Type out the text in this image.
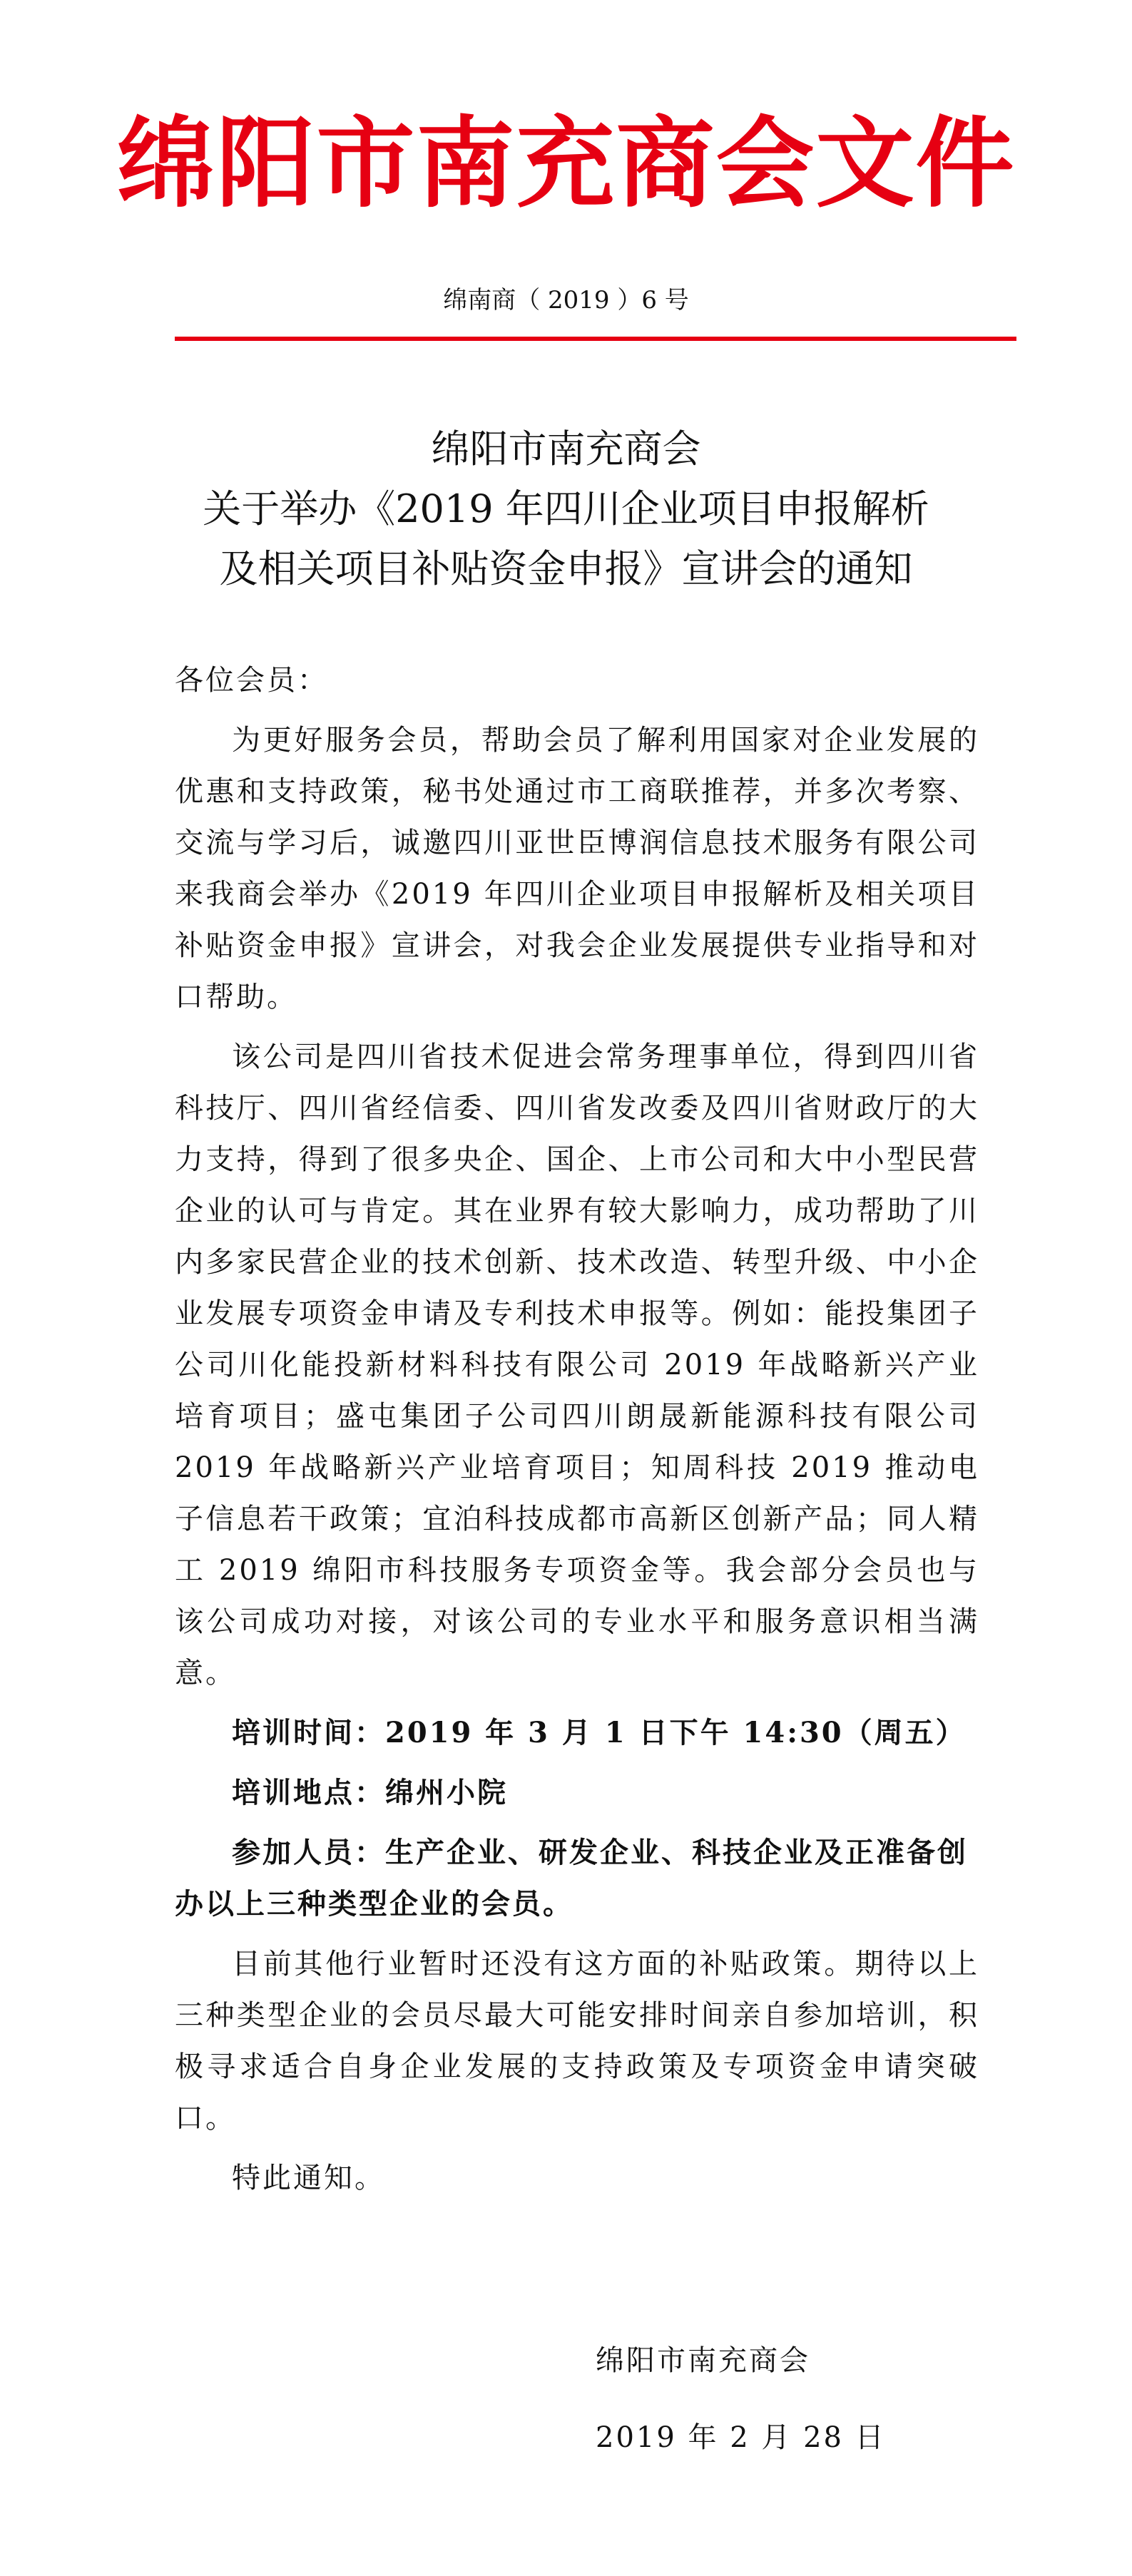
绵阳市南充商会文件
绵南商（ 2019 ）6 号
绵阳市南充商会
关于举办《2019 年四川企业项目申报解析
及相关项目补贴资金申报》宣讲会的通知

各位会员：

为更好服务会员，帮助会员了解利用国家对企业发展的优惠和支持政策，秘书处通过市工商联推荐，并多次考察、交流与学习后，诚邀四川亚世臣博润信息技术服务有限公司来我商会举办《2019 年四川企业项目申报解析及相关项目补贴资金申报》宣讲会，对我会企业发展提供专业指导和对口帮助。

该公司是四川省技术促进会常务理事单位，得到四川省科技厅、四川省经信委、四川省发改委及四川省财政厅的大力支持，得到了很多央企、国企、上市公司和大中小型民营企业的认可与肯定。其在业界有较大影响力，成功帮助了川内多家民营企业的技术创新、技术改造、转型升级、中小企业发展专项资金申请及专利技术申报等。例如：能投集团子公司川化能投新材料科技有限公司 2019 年战略新兴产业培育项目；盛屯集团子公司四川朗晟新能源科技有限公司 2019 年战略新兴产业培育项目；知周科技 2019 推动电子信息若干政策；宜泊科技成都市高新区创新产品；同人精工 2019 绵阳市科技服务专项资金等。我会部分会员也与该公司成功对接，对该公司的专业水平和服务意识相当满意。

培训时间：2019 年 3 月 1 日下午 14:30（周五）

培训地点：绵州小院

参加人员：生产企业、研发企业、科技企业及正准备创办以上三种类型企业的会员。

目前其他行业暂时还没有这方面的补贴政策。期待以上三种类型企业的会员尽最大可能安排时间亲自参加培训，积极寻求适合自身企业发展的支持政策及专项资金申请突破口。

特此通知。

绵阳市南充商会
2019 年 2 月 28 日
